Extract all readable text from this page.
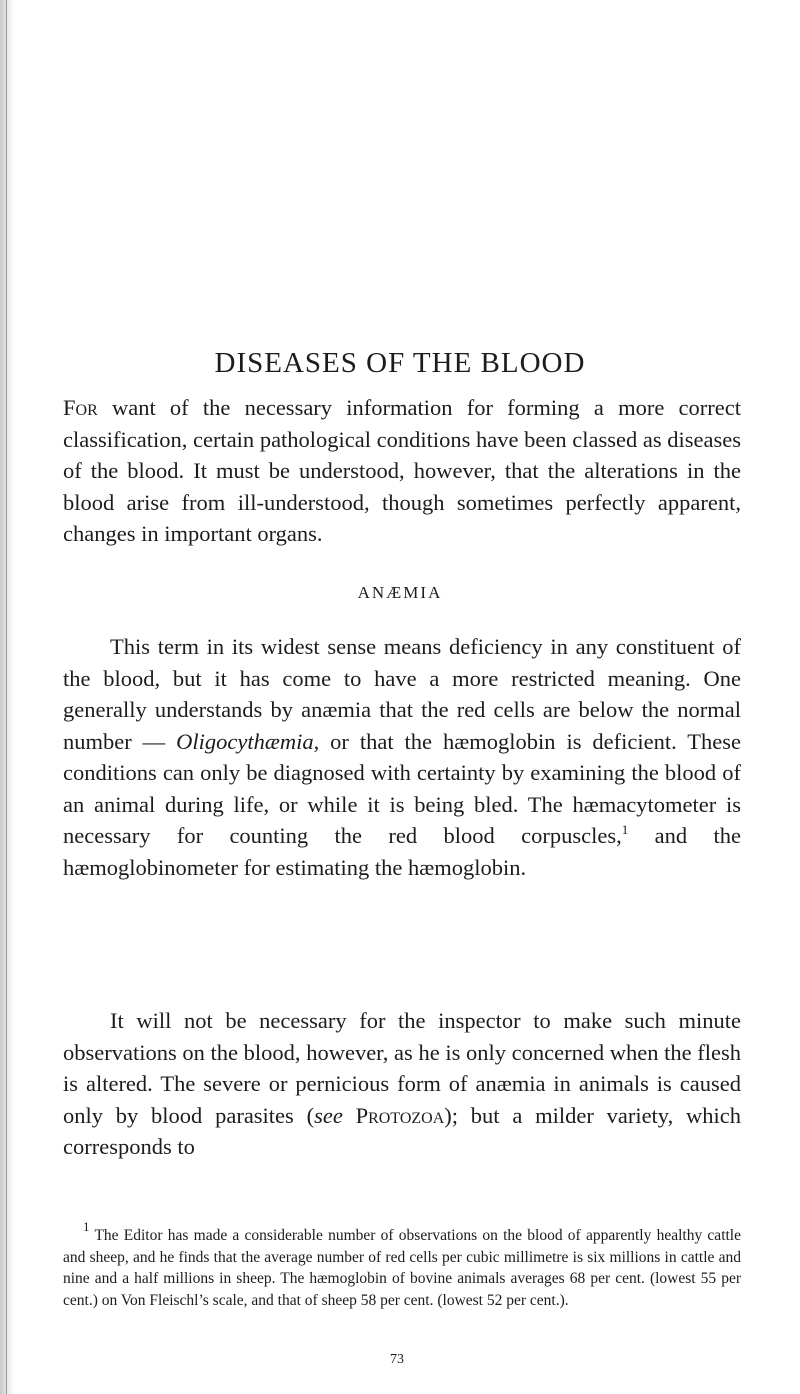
DISEASES OF THE BLOOD

For want of the necessary information for forming a more correct classification, certain pathological conditions have been classed as diseases of the blood. It must be understood, however, that the alterations in the blood arise from ill-understood, though sometimes perfectly apparent, changes in important organs.

ANÆMIA

This term in its widest sense means deficiency in any constituent of the blood, but it has come to have a more restricted meaning. One generally understands by anæmia that the red cells are below the normal number — Oligocythæmia, or that the hæmoglobin is deficient. These conditions can only be diagnosed with certainty by examining the blood of an animal during life, or while it is being bled. The hæmacytometer is necessary for counting the red blood corpuscles,$^1$ and the hæmoglobinometer for estimating the hæmoglobin.

It will not be necessary for the inspector to make such minute observations on the blood, however, as he is only concerned when the flesh is altered. The severe or pernicious form of anæmia in animals is caused only by blood parasites (see Protozoa); but a milder variety, which corresponds to

$^1$ The Editor has made a considerable number of observations on the blood of apparently healthy cattle and sheep, and he finds that the average number of red cells per cubic millimetre is six millions in cattle and nine and a half millions in sheep. The hæmoglobin of bovine animals averages 68 per cent. (lowest 55 per cent.) on Von Fleischl’s scale, and that of sheep 58 per cent. (lowest 52 per cent.).

73
